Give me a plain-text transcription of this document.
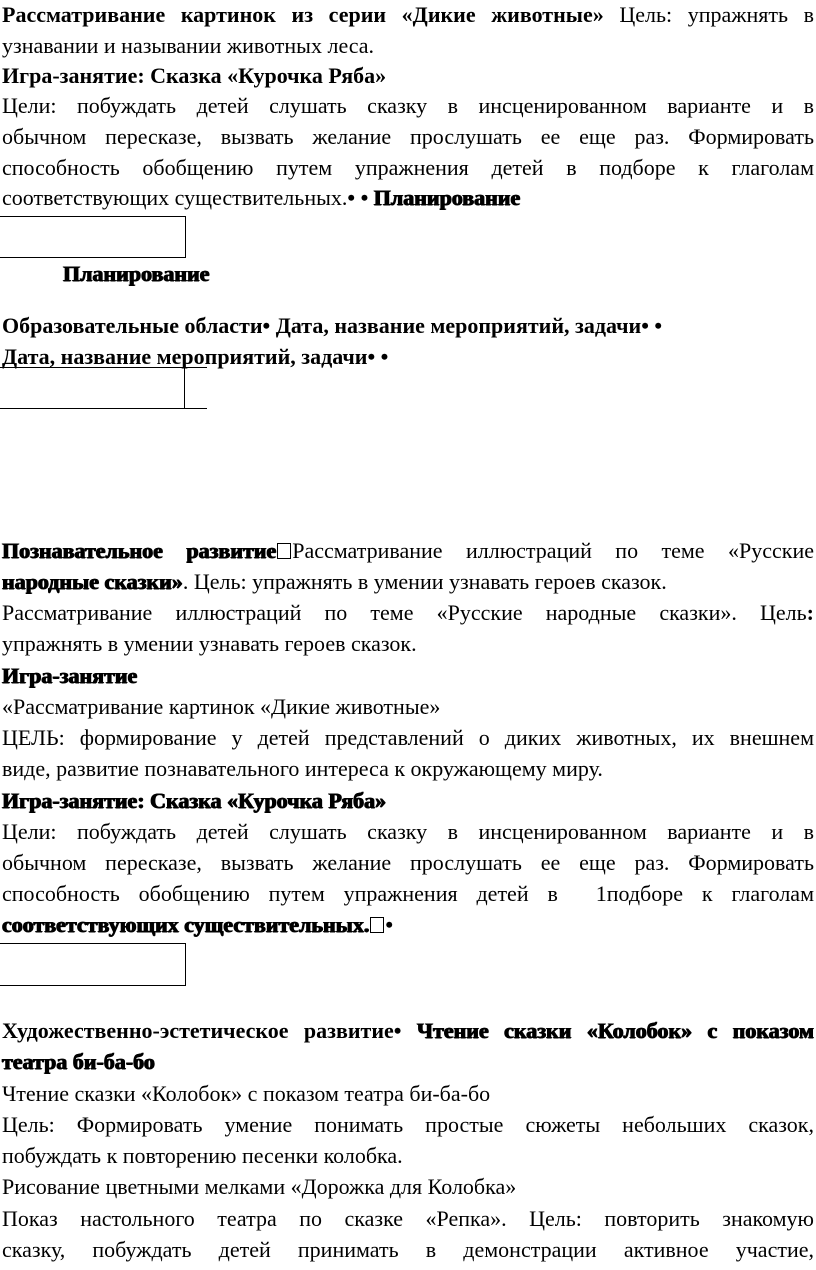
Рассматривание картинок из серии «Дикие животные» Цель: упражнять в
узнавании и назывании животных леса.
Игра-занятие: Сказка «Курочка Ряба»
Цели: побуждать детей слушать сказку в инсценированном варианте и в
обычном пересказе, вызвать желание прослушать ее еще раз. Формировать
способность обобщению путем упражнения детей в подборе к глаголам
соответствующих существительных.• • Планирование
Планирование
Образовательные области• Дата, название мероприятий, задачи• •
Дата, название мероприятий, задачи• •
Познавательное развитие Рассматривание иллюстраций по теме «Русские
народные сказки». Цель: упражнять в умении узнавать героев сказок.
Рассматривание иллюстраций по теме «Русские народные сказки». Цель:
упражнять в умении узнавать героев сказок.
Игра-занятие
«Рассматривание картинок «Дикие животные»
ЦЕЛЬ: формирование у детей представлений о диких животных, их внешнем
виде, развитие познавательного интереса к окружающему миру.
Игра-занятие: Сказка «Курочка Ряба»
Цели: побуждать детей слушать сказку в инсценированном варианте и в
обычном пересказе, вызвать желание прослушать ее еще раз. Формировать
способность обобщению путем упражнения детей в  1подборе к глаголам
соответствующих существительных. •
Художественно-эстетическое развитие• Чтение сказки «Колобок» с показом
театра би-ба-бо
Чтение сказки «Колобок» с показом театра би-ба-бо
Цель: Формировать умение понимать простые сюжеты небольших сказок,
побуждать к повторению песенки колобка.
Рисование цветными мелками «Дорожка для Колобка»
Показ настольного театра по сказке «Репка». Цель: повторить знакомую
сказку, побуждать детей принимать в демонстрации активное участие,
